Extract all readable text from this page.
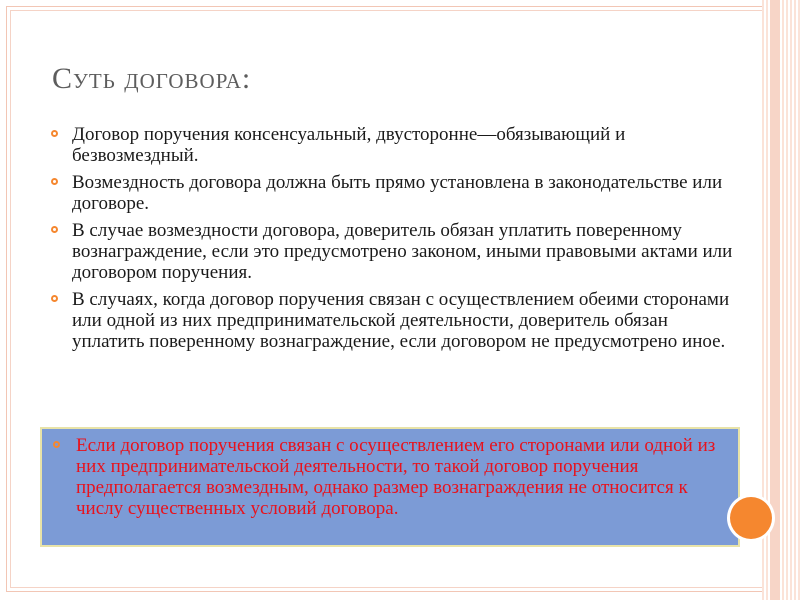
Суть договора:
Договор поручения консенсуальный, двусторонне—обязывающий и безвозмездный.
Возмездность договора должна быть прямо установлена в законодательстве или договоре.
В случае возмездности договора, доверитель обязан уплатить поверенному вознаграждение, если это предусмотрено законом, иными правовыми актами или договором поручения.
В случаях, когда договор поручения связан с осуществлением обеими сторонами или одной из них предпринимательской деятельности, доверитель обязан уплатить поверенному вознаграждение, если договором не предусмотрено иное.
Если договор поручения связан с осуществлением его сторонами или одной из них предпринимательской деятельности, то такой договор поручения предполагается возмездным, однако размер вознаграждения не относится к числу существенных условий договора.
